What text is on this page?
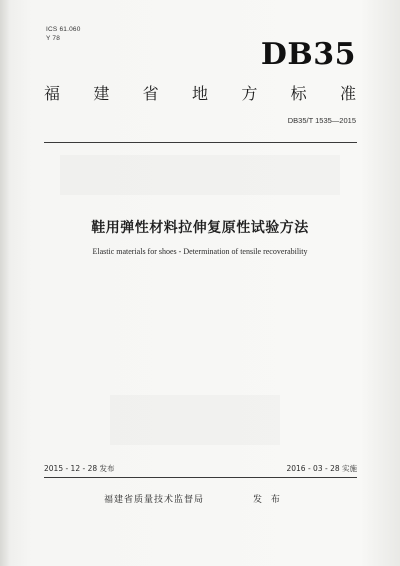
ICS 61.060
Y 78	DB35
福 建 省 地 方 标 准
DB35/T 1535—2015
鞋用弹性材料拉伸复原性试验方法
Elastic materials for shoes - Determination of tensile recoverability
2015 - 12 - 28 发布	2016 - 03 - 28 实施
福建省质量技术监督局	发 布
